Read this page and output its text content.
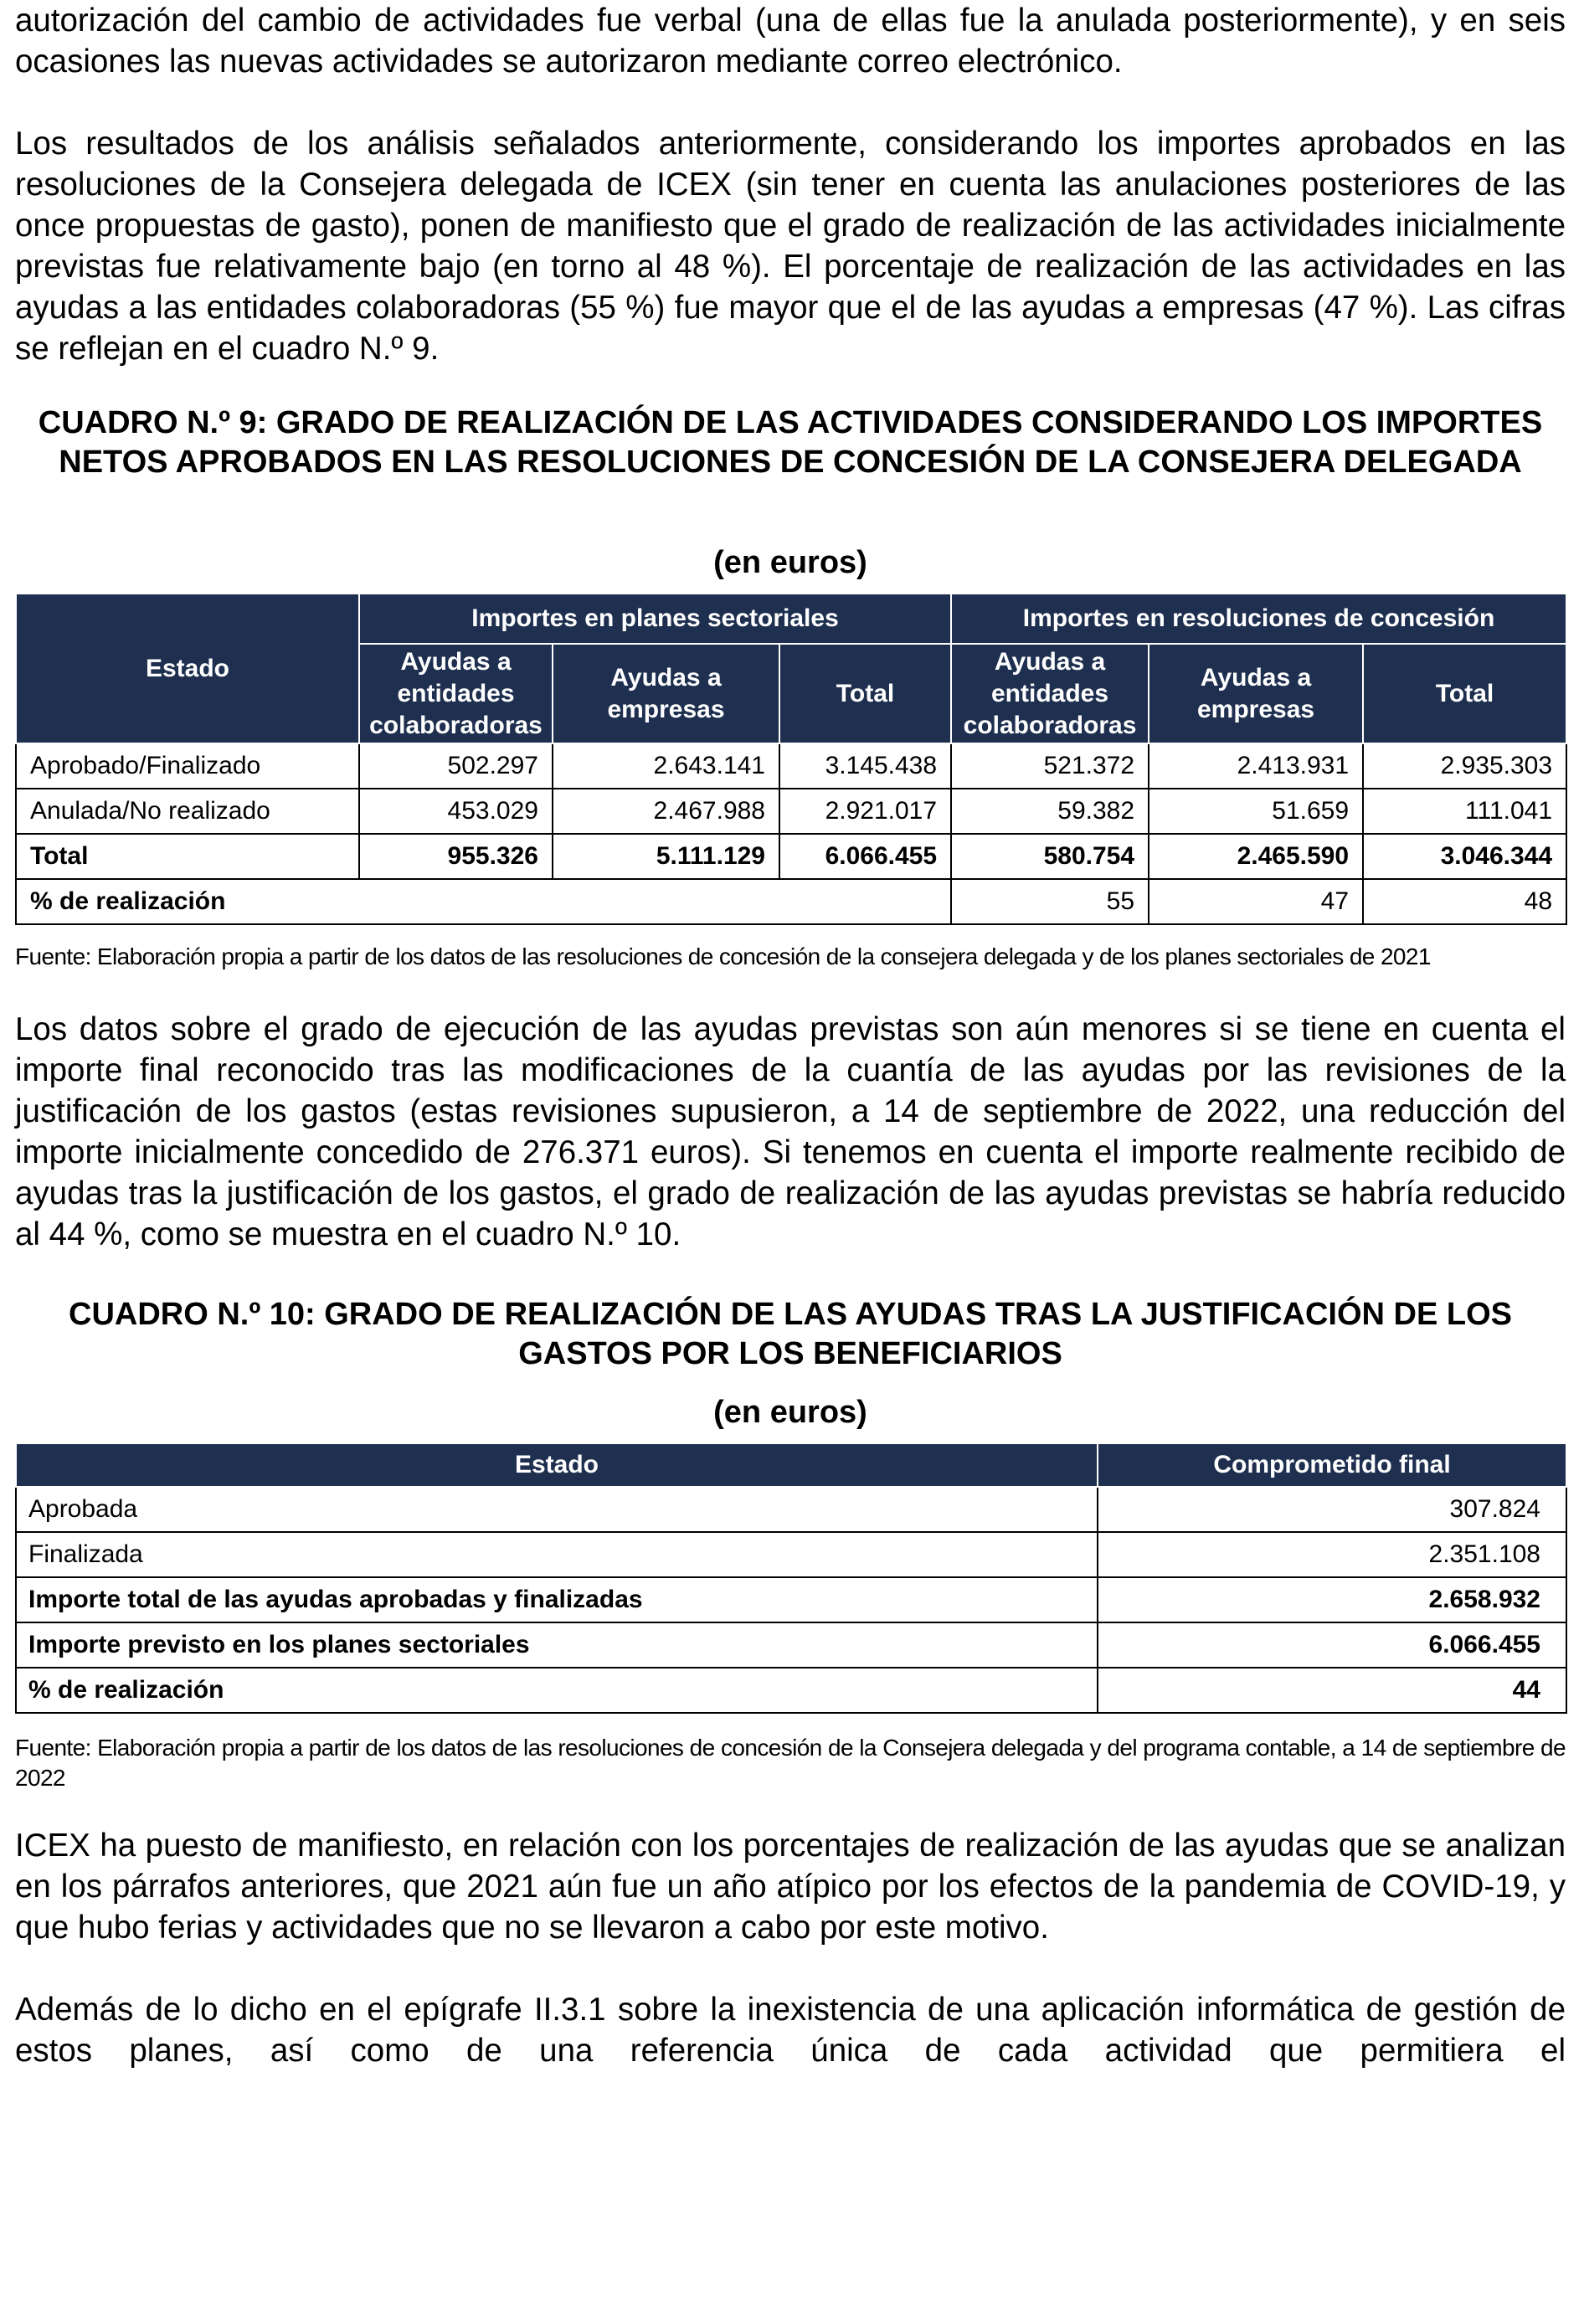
autorización del cambio de actividades fue verbal (una de ellas fue la anulada posteriormente), y en seis ocasiones las nuevas actividades se autorizaron mediante correo electrónico.

Los resultados de los análisis señalados anteriormente, considerando los importes aprobados en las resoluciones de la Consejera delegada de ICEX (sin tener en cuenta las anulaciones posteriores de las once propuestas de gasto), ponen de manifiesto que el grado de realización de las actividades inicialmente previstas fue relativamente bajo (en torno al 48 %). El porcentaje de realización de las actividades en las ayudas a las entidades colaboradoras (55 %) fue mayor que el de las ayudas a empresas (47 %). Las cifras se reflejan en el cuadro N.º 9.

CUADRO N.º 9: GRADO DE REALIZACIÓN DE LAS ACTIVIDADES CONSIDERANDO LOS IMPORTES NETOS APROBADOS EN LAS RESOLUCIONES DE CONCESIÓN DE LA CONSEJERA DELEGADA

(en euros)
Estado	Importes en planes sectoriales			Importes en resoluciones de concesión		
	Ayudas a entidades colaboradoras	Ayudas a empresas	Total	Ayudas a entidades colaboradoras	Ayudas a empresas	Total
Aprobado/Finalizado	502.297	2.643.141	3.145.438	521.372	2.413.931	2.935.303
Anulada/No realizado	453.029	2.467.988	2.921.017	59.382	51.659	111.041
Total	955.326	5.111.129	6.066.455	580.754	2.465.590	3.046.344
% de realización				55	47	48

Fuente: Elaboración propia a partir de los datos de las resoluciones de concesión de la consejera delegada y de los planes sectoriales de 2021

Los datos sobre el grado de ejecución de las ayudas previstas son aún menores si se tiene en cuenta el importe final reconocido tras las modificaciones de la cuantía de las ayudas por las revisiones de la justificación de los gastos (estas revisiones supusieron, a 14 de septiembre de 2022, una reducción del importe inicialmente concedido de 276.371 euros). Si tenemos en cuenta el importe realmente recibido de ayudas tras la justificación de los gastos, el grado de realización de las ayudas previstas se habría reducido al 44 %, como se muestra en el cuadro N.º 10.

CUADRO N.º 10: GRADO DE REALIZACIÓN DE LAS AYUDAS TRAS LA JUSTIFICACIÓN DE LOS GASTOS POR LOS BENEFICIARIOS

(en euros)
Estado	Comprometido final
Aprobada	307.824
Finalizada	2.351.108
Importe total de las ayudas aprobadas y finalizadas	2.658.932
Importe previsto en los planes sectoriales	6.066.455
% de realización	44

Fuente: Elaboración propia a partir de los datos de las resoluciones de concesión de la Consejera delegada y del programa contable, a 14 de septiembre de 2022

ICEX ha puesto de manifiesto, en relación con los porcentajes de realización de las ayudas que se analizan en los párrafos anteriores, que 2021 aún fue un año atípico por los efectos de la pandemia de COVID-19, y que hubo ferias y actividades que no se llevaron a cabo por este motivo.

Además de lo dicho en el epígrafe II.3.1 sobre la inexistencia de una aplicación informática de gestión de estos planes, así como de una referencia única de cada actividad que permitiera el
